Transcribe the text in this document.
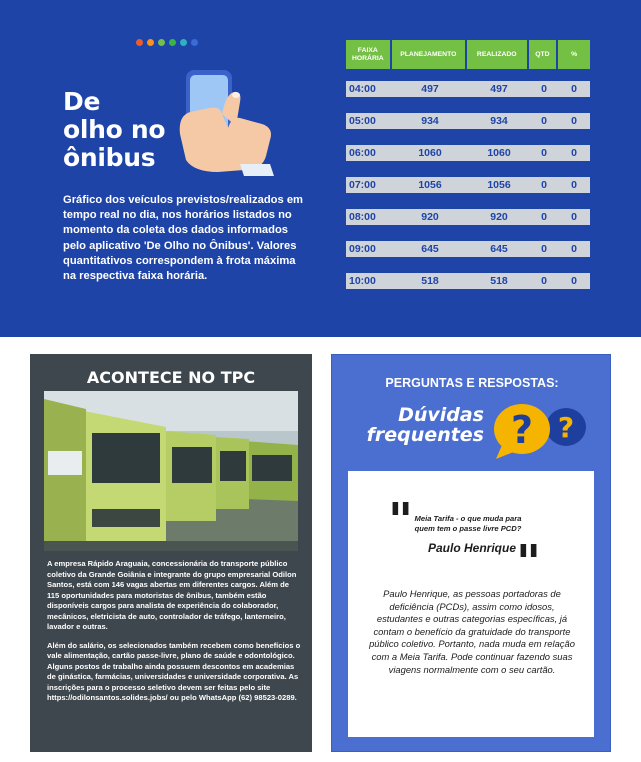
De
olho no
ônibus
Gráfico dos veículos previstos/realizados em tempo real no dia, nos horários listados no momento da coleta dos dados informados pelo aplicativo 'De Olho no Ônibus'. Valores quantitativos correspondem à frota máxima na respectiva faixa horária.
FAIXA
HORÁRIA
PLANEJAMENTO	REALIZADO	QTD	%
04:00	497	497	0	0
05:00	934	934	0	0
06:00	1060	1060	0	0
07:00	1056	1056	0	0
08:00	920	920	0	0
09:00	645	645	0	0
10:00	518	518	0	0
ACONTECE NO TPC

A empresa Rápido Araguaia, concessionária do transporte público coletivo da Grande Goiânia e integrante do grupo empresarial Odilon Santos, está com 146 vagas abertas em diferentes cargos. Além de 115 oportunidades para motoristas de ônibus, também estão disponíveis cargos para analista de experiência do colaborador, mecânicos, eletricista de auto, controlador de tráfego, lanterneiro, lavador e outras.

Além do salário, os selecionados também recebem como benefícios o vale alimentação, cartão passe-livre, plano de saúde e odontológico. Alguns postos de trabalho ainda possuem descontos em academias de ginástica, farmácias, universidades e universidade corporativa. As inscrições para o processo seletivo devem ser feitas pelo site https://odilonsantos.solides.jobs/ ou pelo WhatsApp (62) 98523-0289.

PERGUNTAS E RESPOSTAS:
Dúvidas
frequentes	?
?
" Meia Tarifa - o que muda para quem tem o passe livre PCD?
Paulo Henrique "
Paulo Henrique, as pessoas portadoras de deficiência (PCDs), assim como idosos, estudantes e outras categorias específicas, já contam o benefício da gratuidade do transporte público coletivo. Portanto, nada muda em relação com a Meia Tarifa. Pode continuar fazendo suas viagens normalmente com o seu cartão.
